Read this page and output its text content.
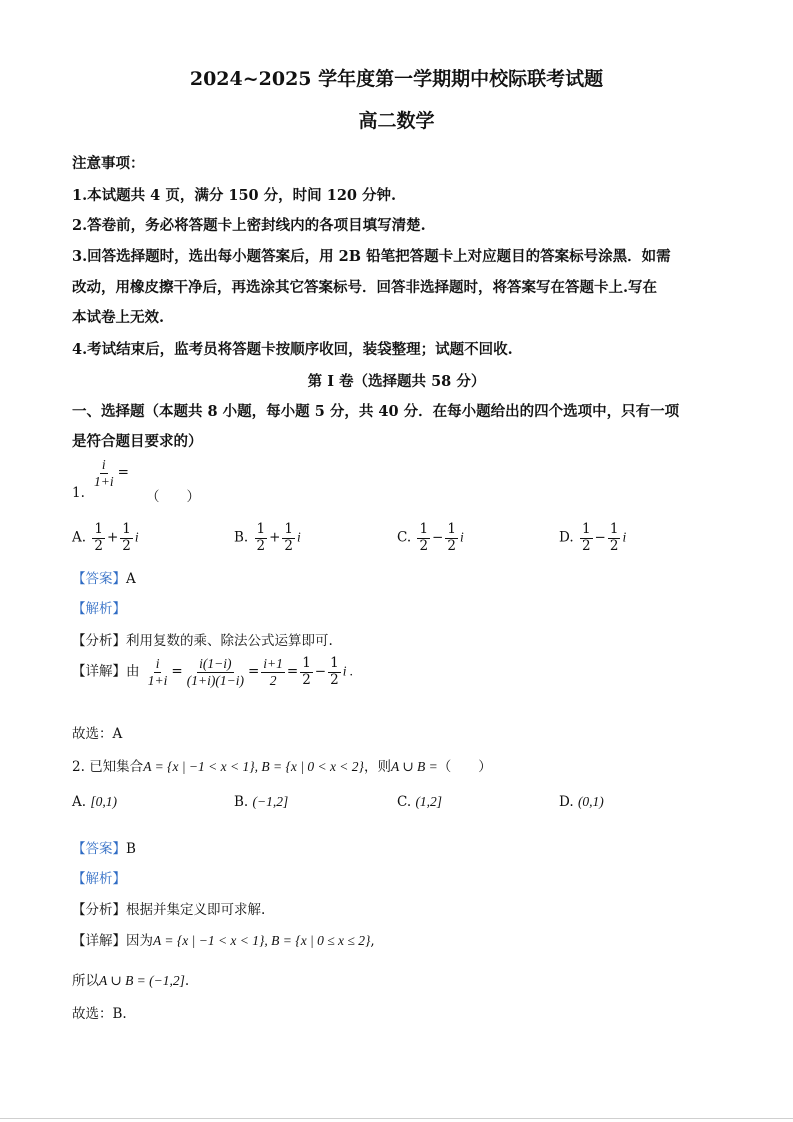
2024~2025 学年度第一学期期中校际联考试题
高二数学
注意事项：
1.本试题共 4 页，满分 150 分，时间 120 分钟.
2.答卷前，务必将答题卡上密封线内的各项目填写清楚.
3.回答选择题时，选出每小题答案后，用 2B 铅笔把答题卡上对应题目的答案标号涂黑．如需
改动，用橡皮擦干净后，再选涂其它答案标号．回答非选择题时，将答案写在答题卡上.写在
本试卷上无效.
4.考试结束后，监考员将答题卡按顺序收回，装袋整理；试题不回收.
第 I 卷（选择题共 58 分）
一、选择题（本题共 8 小题，每小题 5 分，共 40 分．在每小题给出的四个选项中，只有一项
是符合题目要求的）
1.
$\frac{i}{1+i}$ =
（　　）
A. $\frac{1}{2} + \frac{1}{2}$ i	B. $\frac{1}{2} + \frac{1}{2}$ i	C. $\frac{1}{2} - \frac{1}{2}$ i	D. $\frac{1}{2} - \frac{1}{2}$ i
【答案】A
【解析】
【分析】利用复数的乘、除法公式运算即可.
【详解】由 $\frac{i}{1+i} = \frac{i(1-i)}{(1+i)(1-i)} = \frac{i+1}{2} = \frac{1}{2} - \frac{1}{2}$ i .
故选：A
2. 已知集合A = {x | −1 < x < 1}, B = {x | 0 < x < 2}，则A ∪ B =（　　）
A. [0,1)	B. (−1,2]	C. (1,2]	D. (0,1)
【答案】B
【解析】
【分析】根据并集定义即可求解.
【详解】因为A = {x | −1 < x < 1}, B = {x | 0 ≤ x ≤ 2},
所以A ∪ B = (−1,2].
故选：B.
